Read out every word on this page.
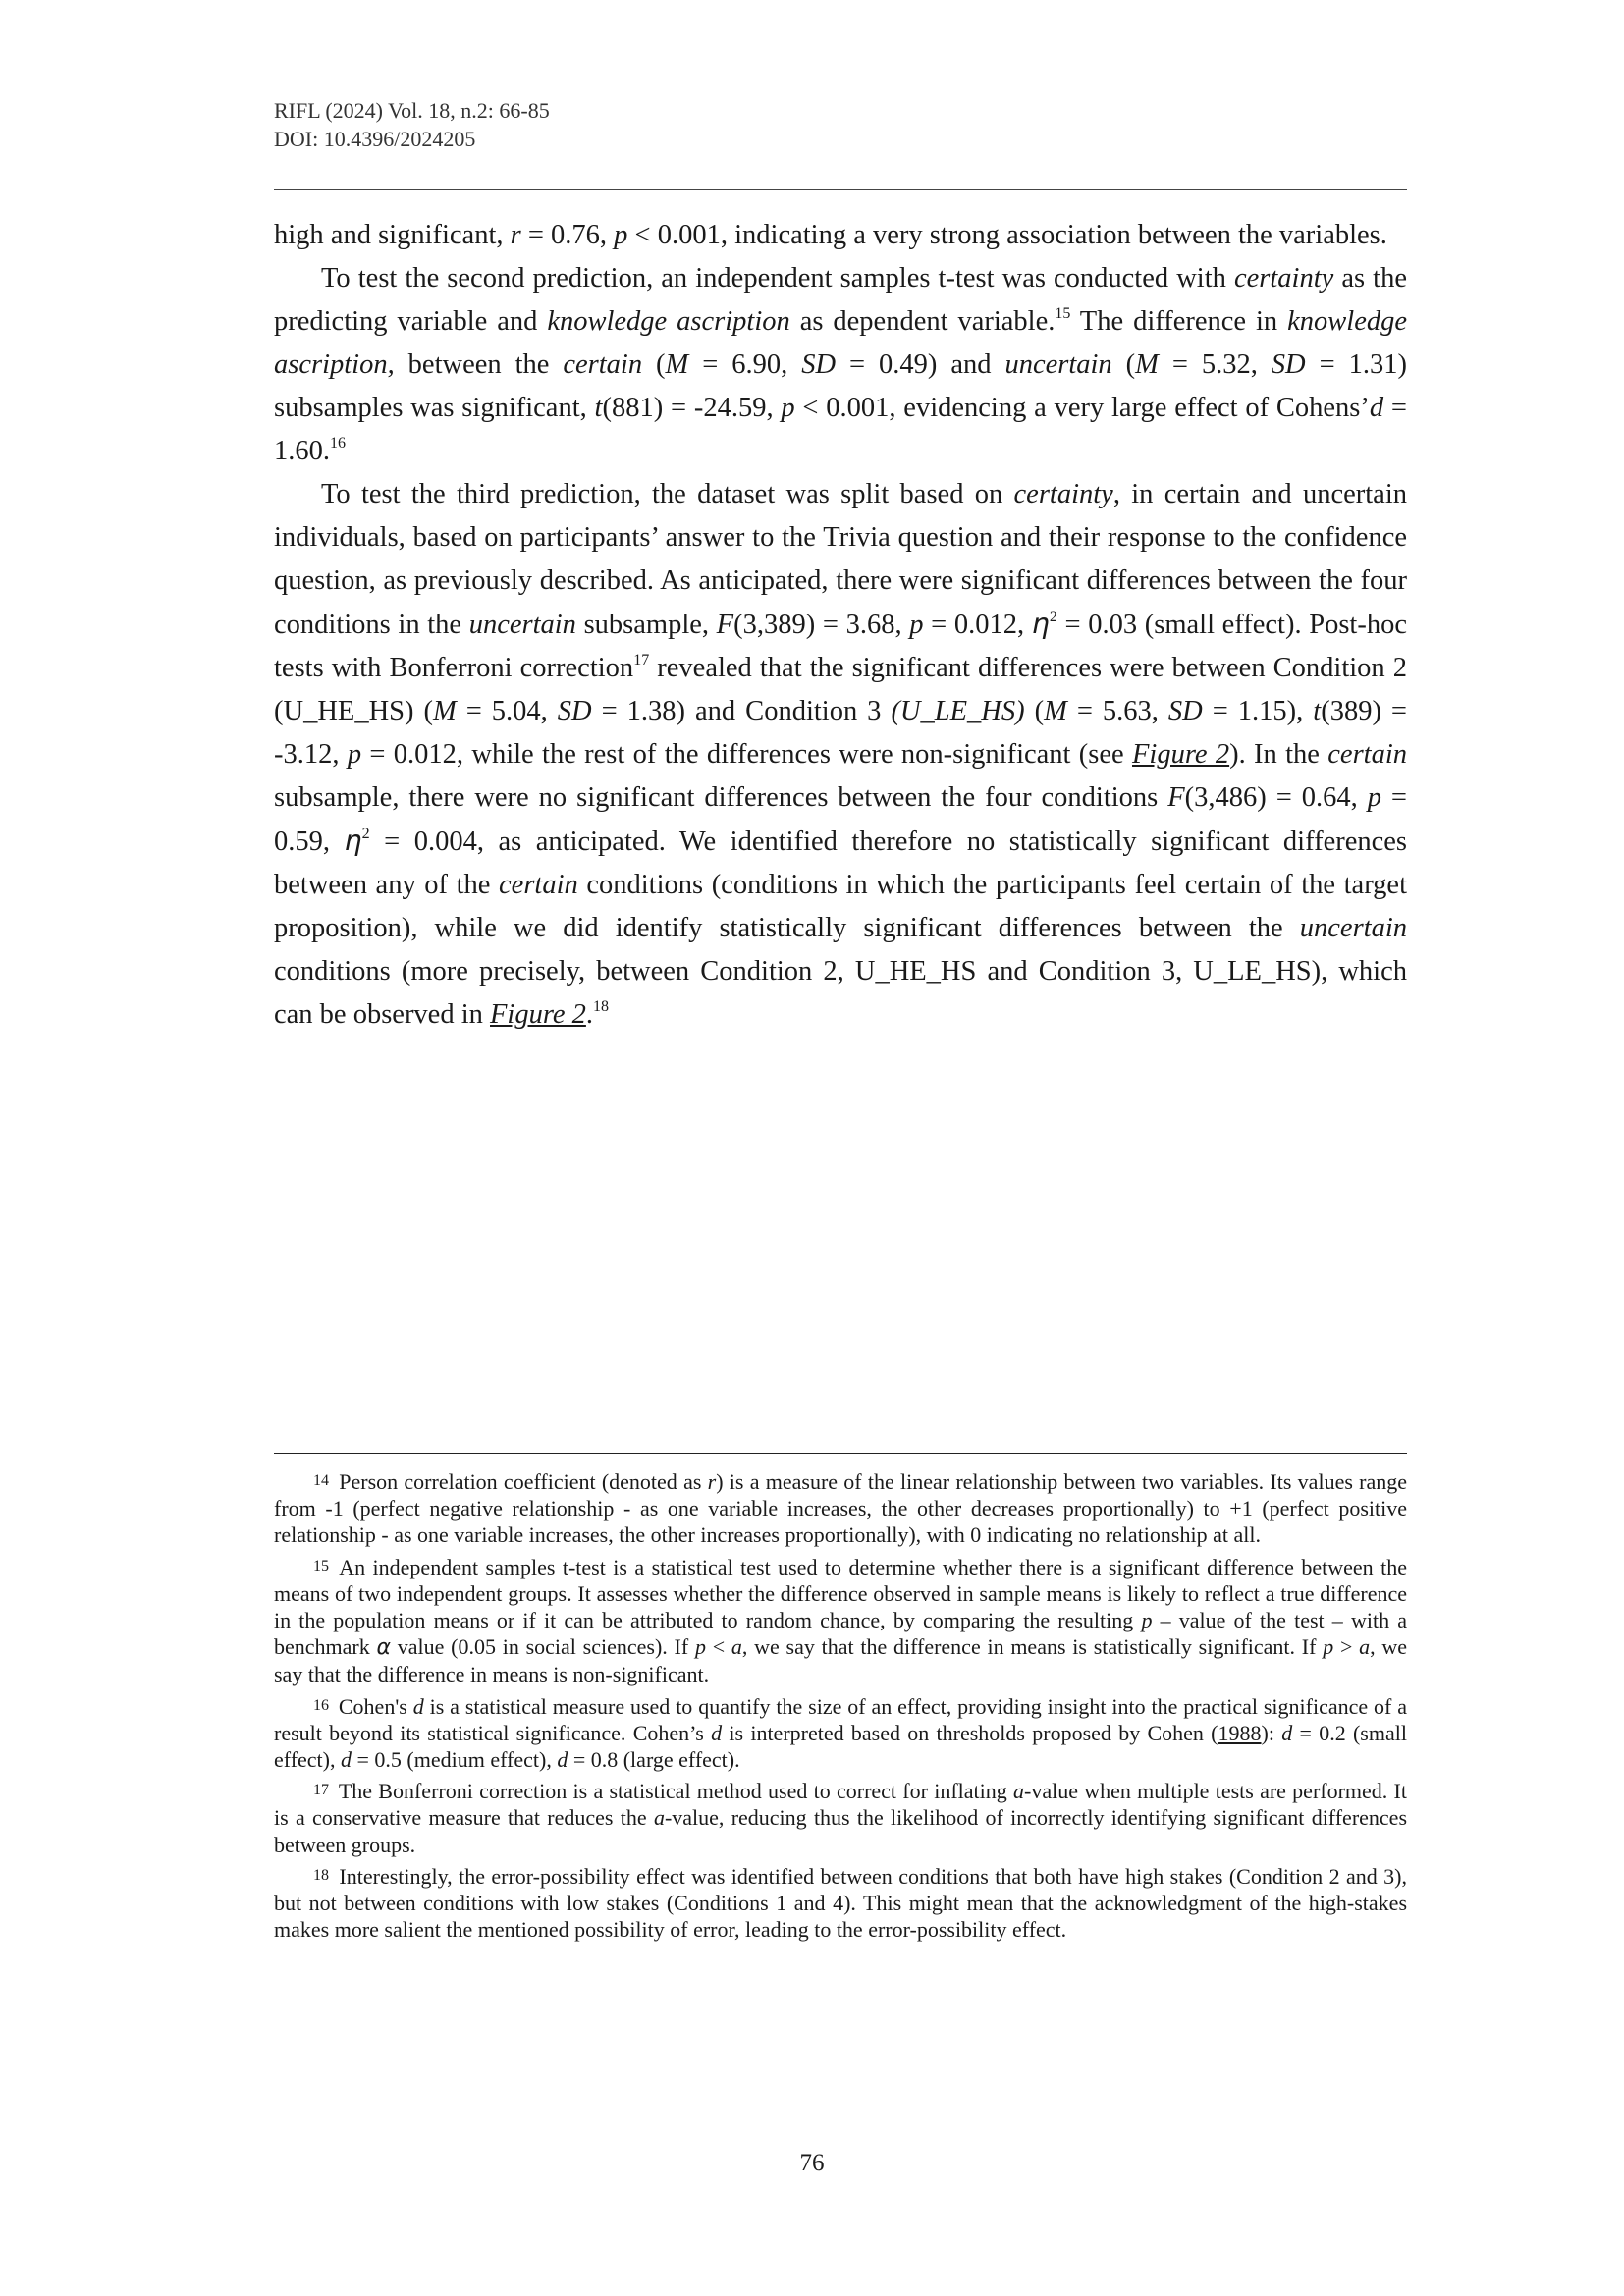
RIFL (2024) Vol. 18, n.2: 66-85
DOI: 10.4396/2024205

high and significant, r = 0.76, p < 0.001, indicating a very strong association between the variables.

To test the second prediction, an independent samples t-test was conducted with certainty as the predicting variable and knowledge ascription as dependent variable.$^{15}$ The difference in knowledge ascription, between the certain (M = 6.90, SD = 0.49) and uncertain (M = 5.32, SD = 1.31) subsamples was significant, t(881) = -24.59, p < 0.001, evidencing a very large effect of Cohens’d = 1.60.16

To test the third prediction, the dataset was split based on certainty, in certain and uncertain individuals, based on participants’ answer to the Trivia question and their response to the confidence question, as previously described. As anticipated, there were significant differences between the four conditions in the uncertain subsample, F(3,389) = 3.68, p = 0.012, $\eta^2 = 0.03$ (small effect). Post-hoc tests with Bonferroni correction$^{17}$ revealed that the significant differences were between Condition 2 (U_HE_HS) (M = 5.04, SD = 1.38) and Condition 3 (U_LE_HS) (M = 5.63, SD = 1.15), t(389) = -3.12, p = 0.012, while the rest of the differences were non-significant (see Figure 2). In the certain subsample, there were no significant differences between the four conditions F(3,486) = 0.64, p = 0.59, $\eta^2 = 0.004$, as anticipated. We identified therefore no statistically significant differences between any of the certain conditions (conditions in which the participants feel certain of the target proposition), while we did identify statistically significant differences between the uncertain conditions (more precisely, between Condition 2, U_HE_HS and Condition 3, U_LE_HS), which can be observed in Figure 2.18

14 Person correlation coefficient (denoted as r) is a measure of the linear relationship between two variables. Its values range from -1 (perfect negative relationship - as one variable increases, the other decreases proportionally) to +1 (perfect positive relationship - as one variable increases, the other increases proportionally), with 0 indicating no relationship at all.

15 An independent samples t-test is a statistical test used to determine whether there is a significant difference between the means of two independent groups. It assesses whether the difference observed in sample means is likely to reflect a true difference in the population means or if it can be attributed to random chance, by comparing the resulting p – value of the test – with a benchmark α value (0.05 in social sciences). If p < a, we say that the difference in means is statistically significant. If p > a, we say that the difference in means is non-significant.

16 Cohen's d is a statistical measure used to quantify the size of an effect, providing insight into the practical significance of a result beyond its statistical significance. Cohen’s d is interpreted based on thresholds proposed by Cohen (1988): d = 0.2 (small effect), d = 0.5 (medium effect), d = 0.8 (large effect).

17 The Bonferroni correction is a statistical method used to correct for inflating a-value when multiple tests are performed. It is a conservative measure that reduces the a-value, reducing thus the likelihood of incorrectly identifying significant differences between groups.

18 Interestingly, the error-possibility effect was identified between conditions that both have high stakes (Condition 2 and 3), but not between conditions with low stakes (Conditions 1 and 4). This might mean that the acknowledgment of the high-stakes makes more salient the mentioned possibility of error, leading to the error-possibility effect.

76
